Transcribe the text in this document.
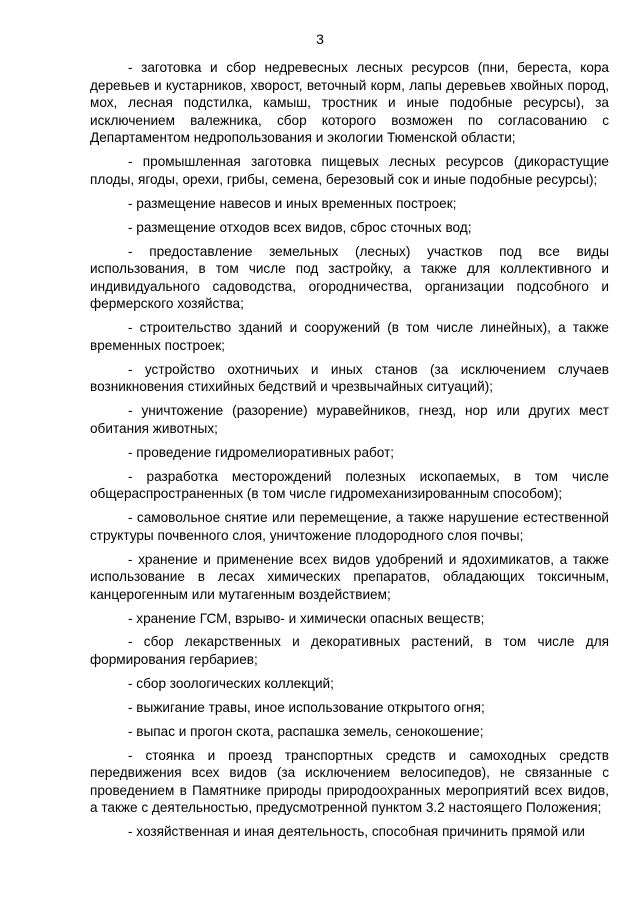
3

- заготовка и сбор недревесных лесных ресурсов (пни, береста, кора деревьев и кустарников, хворост, веточный корм, лапы деревьев хвойных пород, мох, лесная подстилка, камыш, тростник и иные подобные ресурсы), за исключением валежника, сбор которого возможен по согласованию с Департаментом недропользования и экологии Тюменской области;

- промышленная заготовка пищевых лесных ресурсов (дикорастущие плоды, ягоды, орехи, грибы, семена, березовый сок и иные подобные ресурсы);

- размещение навесов и иных временных построек;

- размещение отходов всех видов, сброс сточных вод;

- предоставление земельных (лесных) участков под все виды использования, в том числе под застройку, а также для коллективного и индивидуального садоводства, огородничества, организации подсобного и фермерского хозяйства;

- строительство зданий и сооружений (в том числе линейных), а также временных построек;

- устройство охотничьих и иных станов (за исключением случаев возникновения стихийных бедствий и чрезвычайных ситуаций);

- уничтожение (разорение) муравейников, гнезд, нор или других мест обитания животных;

- проведение гидромелиоративных работ;

- разработка месторождений полезных ископаемых, в том числе общераспространенных (в том числе гидромеханизированным способом);

- самовольное снятие или перемещение, а также нарушение естественной структуры почвенного слоя, уничтожение плодородного слоя почвы;

- хранение и применение всех видов удобрений и ядохимикатов, а также использование в лесах химических препаратов, обладающих токсичным, канцерогенным или мутагенным воздействием;

- хранение ГСМ, взрыво- и химически опасных веществ;

- сбор лекарственных и декоративных растений, в том числе для формирования гербариев;

- сбор зоологических коллекций;

- выжигание травы, иное использование открытого огня;

- выпас и прогон скота, распашка земель, сенокошение;

- стоянка и проезд транспортных средств и самоходных средств передвижения всех видов (за исключением велосипедов), не связанные с проведением в Памятнике природы природоохранных мероприятий всех видов, а также с деятельностью, предусмотренной пунктом 3.2 настоящего Положения;

- хозяйственная и иная деятельность, способная причинить прямой или
